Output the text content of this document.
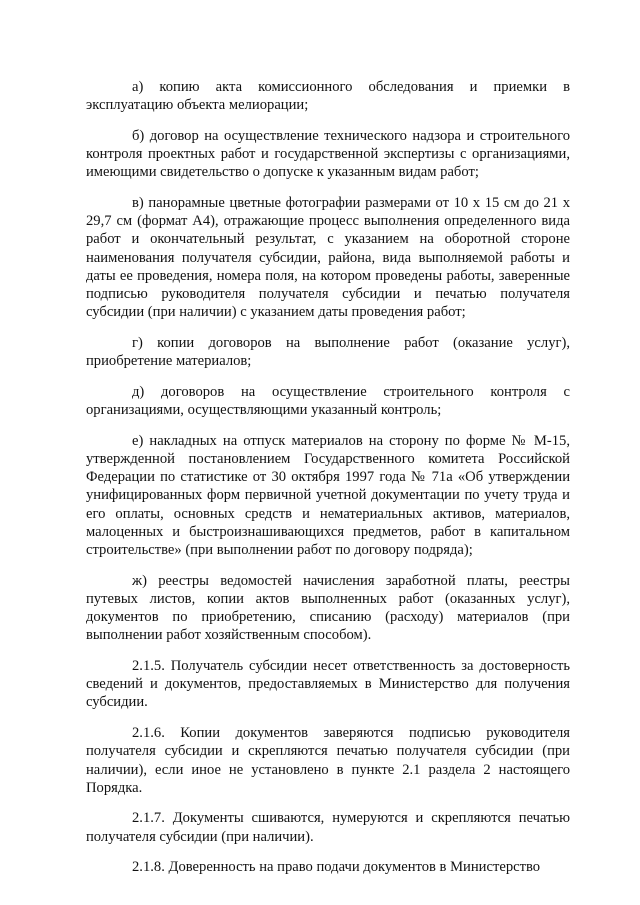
а) копию акта комиссионного обследования и приемки в эксплуатацию объекта мелиорации;

б) договор на осуществление технического надзора и строительного контроля проектных работ и государственной экспертизы с организациями, имеющими свидетельство о допуске к указанным видам работ;

в) панорамные цветные фотографии размерами от 10 x 15 см до 21 x 29,7 см (формат А4), отражающие процесс выполнения определенного вида работ и окончательный результат, с указанием на оборотной стороне наименования получателя субсидии, района, вида выполняемой работы и даты ее проведения, номера поля, на котором проведены работы, заверенные подписью руководителя получателя субсидии и печатью получателя субсидии (при наличии) с указанием даты проведения работ;

г) копии договоров на выполнение работ (оказание услуг), приобретение материалов;

д) договоров на осуществление строительного контроля с организациями, осуществляющими указанный контроль;

е) накладных на отпуск материалов на сторону по форме № М-15, утвержденной постановлением Государственного комитета Российской Федерации по статистике от 30 октября 1997 года № 71а «Об утверждении унифицированных форм первичной учетной документации по учету труда и его оплаты, основных средств и нематериальных активов, материалов, малоценных и быстроизнашивающихся предметов, работ в капитальном строительстве» (при выполнении работ по договору подряда);

ж) реестры ведомостей начисления заработной платы, реестры путевых листов, копии актов выполненных работ (оказанных услуг), документов по приобретению, списанию (расходу) материалов (при выполнении работ хозяйственным способом).

2.1.5. Получатель субсидии несет ответственность за достоверность сведений и документов, предоставляемых в Министерство для получения субсидии.

2.1.6. Копии документов заверяются подписью руководителя получателя субсидии и скрепляются печатью получателя субсидии (при наличии), если иное не установлено в пункте 2.1 раздела 2 настоящего Порядка.

2.1.7. Документы сшиваются, нумеруются и скрепляются печатью получателя субсидии (при наличии).

2.1.8. Доверенность на право подачи документов в Министерство
